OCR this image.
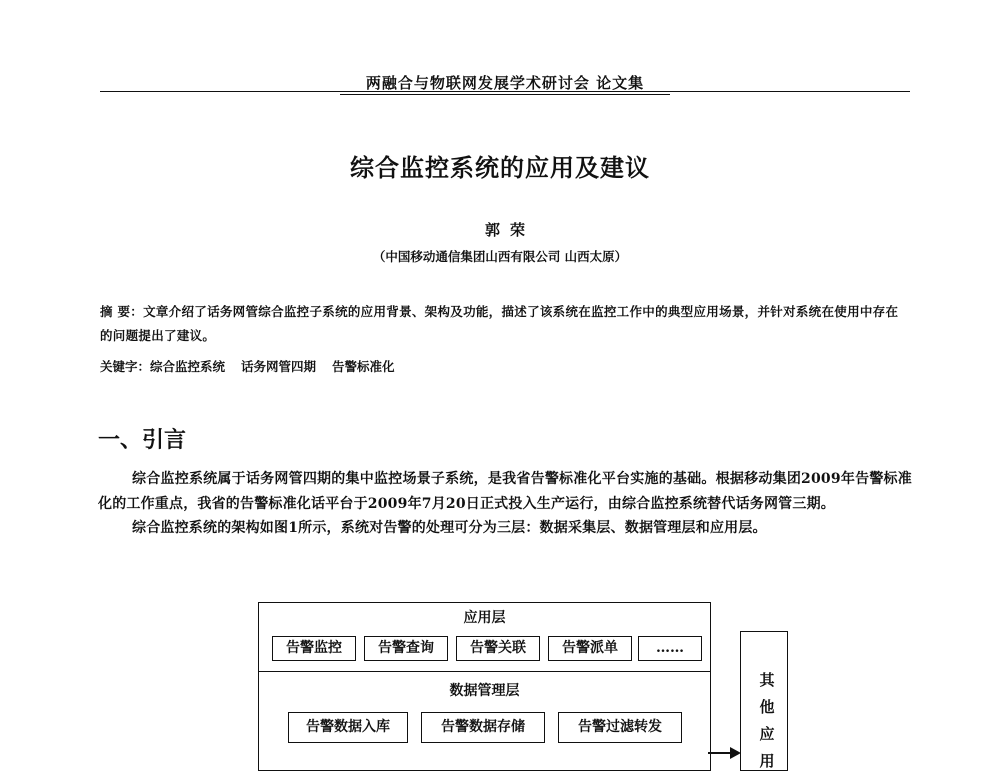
两融合与物联网发展学术研讨会 论文集
综合监控系统的应用及建议
郭荣
（中国移动通信集团山西有限公司 山西太原）
摘 要：文章介绍了话务网管综合监控子系统的应用背景、架构及功能，描述了该系统在监控工作中的典型应用场景，并针对系统在使用中存在的问题提出了建议。
关键字：综合监控系统 话务网管四期 告警标准化
一、引言

综合监控系统属于话务网管四期的集中监控场景子系统，是我省告警标准化平台实施的基础。根据移动集团2009年告警标准化的工作重点，我省的告警标准化话平台于2009年7月20日正式投入生产运行，由综合监控系统替代话务网管三期。

综合监控系统的架构如图1所示，系统对告警的处理可分为三层：数据采集层、数据管理层和应用层。

应用层
告警监控	告警查询	告警关联	告警派单	……
数据管理层
告警数据入库	告警数据存储	告警过滤转发
其
他
应
用
